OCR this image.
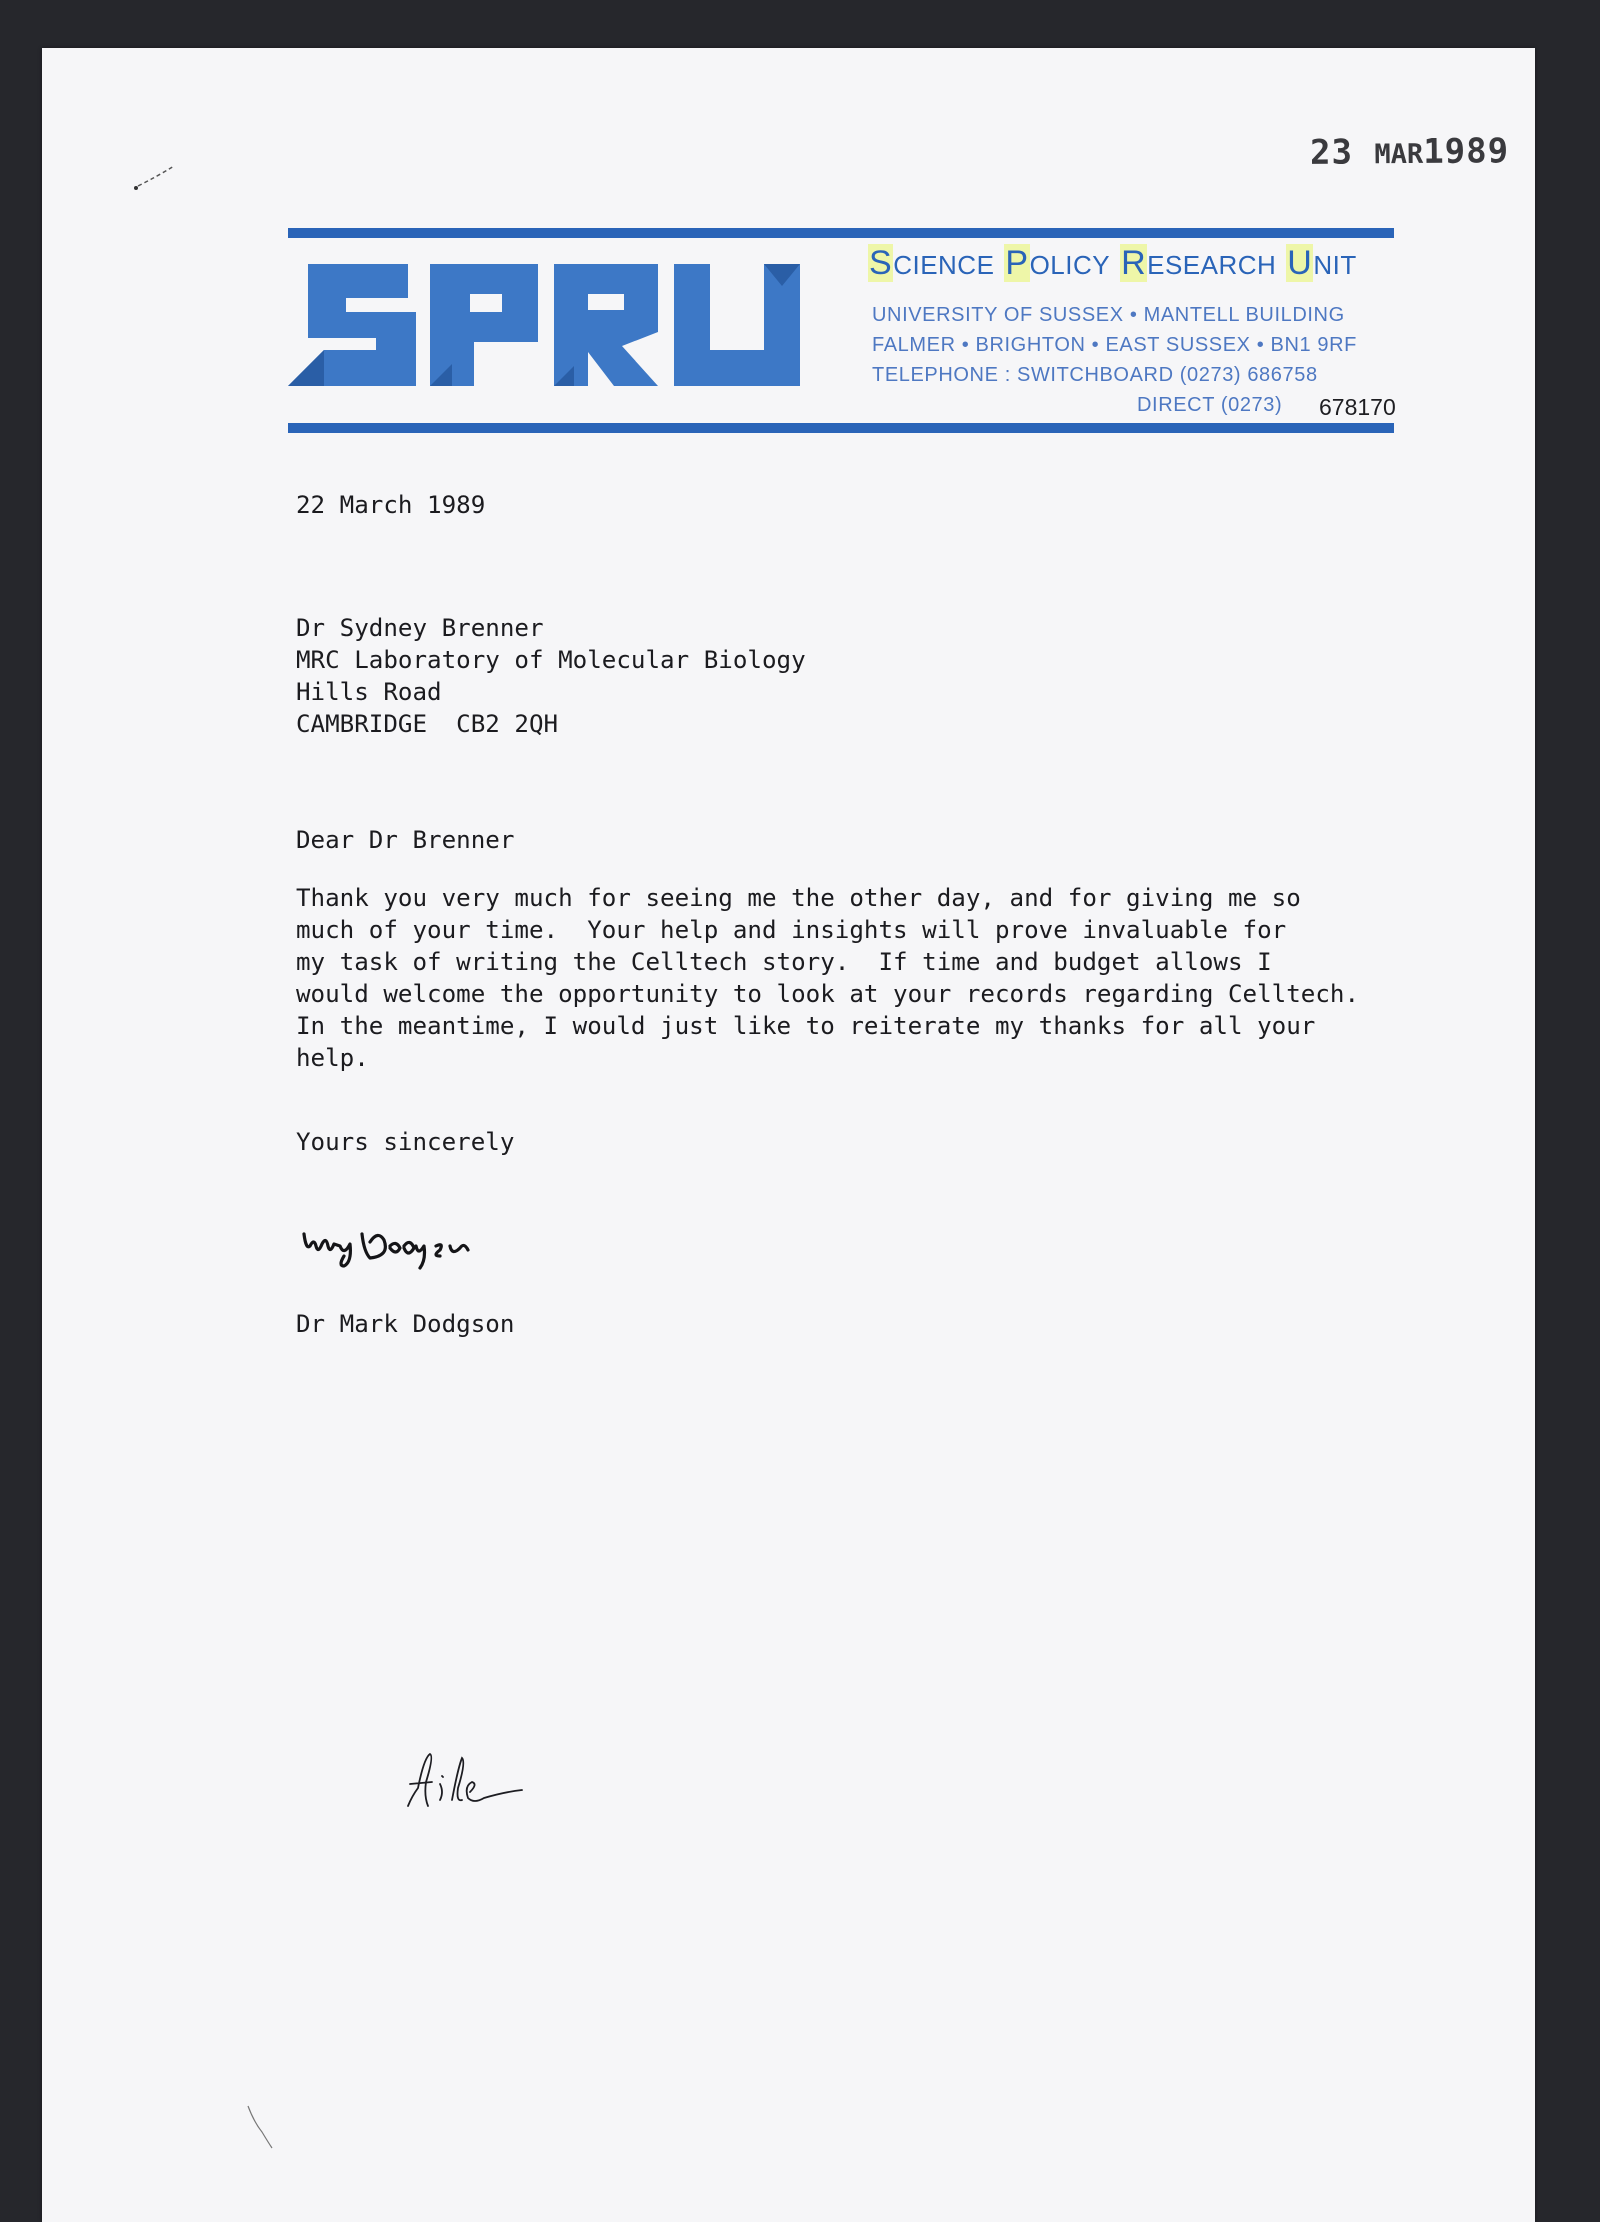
23 MAR1989
SCIENCE POLICY RESEARCH UNIT
UNIVERSITY OF SUSSEX • MANTELL BUILDING
FALMER • BRIGHTON • EAST SUSSEX • BN1 9RF
TELEPHONE : SWITCHBOARD (0273) 686758
DIRECT (0273) 678170
22 March 1989
Dr Sydney Brenner
MRC Laboratory of Molecular Biology
Hills Road
CAMBRIDGE  CB2 2QH
Dear Dr Brenner
Thank you very much for seeing me the other day, and for giving me so
much of your time.  Your help and insights will prove invaluable for
my task of writing the Celltech story.  If time and budget allows I
would welcome the opportunity to look at your records regarding Celltech.
In the meantime, I would just like to reiterate my thanks for all your
help.
Yours sincerely
Dr Mark Dodgson
